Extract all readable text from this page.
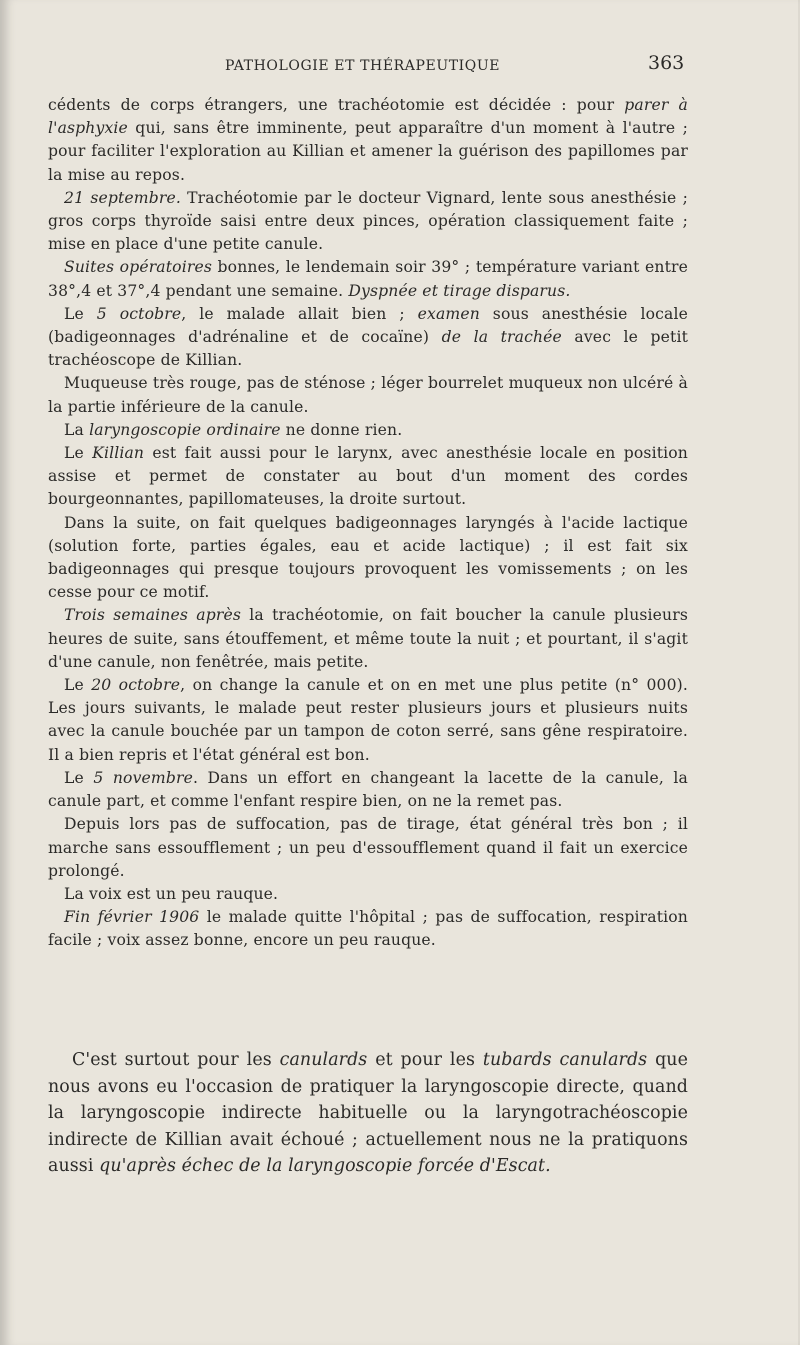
PATHOLOGIE ET THÉRAPEUTIQUE	363

cédents de corps étrangers, une trachéotomie est décidée : pour parer à l'asphyxie qui, sans être imminente, peut apparaître d'un moment à l'autre ; pour faciliter l'exploration au Killian et amener la guérison des papillomes par la mise au repos.

21 septembre. Trachéotomie par le docteur Vignard, lente sous anesthésie ; gros corps thyroïde saisi entre deux pinces, opération classiquement faite ; mise en place d'une petite canule.

Suites opératoires bonnes, le lendemain soir 39° ; température variant entre 38°,4 et 37°,4 pendant une semaine. Dyspnée et tirage disparus.

Le 5 octobre, le malade allait bien ; examen sous anesthésie locale (badigeonnages d'adrénaline et de cocaïne) de la trachée avec le petit trachéoscope de Killian.

Muqueuse très rouge, pas de sténose ; léger bourrelet muqueux non ulcéré à la partie inférieure de la canule.

La laryngoscopie ordinaire ne donne rien.

Le Killian est fait aussi pour le larynx, avec anesthésie locale en position assise et permet de constater au bout d'un moment des cordes bourgeonnantes, papillomateuses, la droite surtout.

Dans la suite, on fait quelques badigeonnages laryngés à l'acide lactique (solution forte, parties égales, eau et acide lactique) ; il est fait six badigeonnages qui presque toujours provoquent les vomissements ; on les cesse pour ce motif.

Trois semaines après la trachéotomie, on fait boucher la canule plusieurs heures de suite, sans étouffement, et même toute la nuit ; et pourtant, il s'agit d'une canule, non fenêtrée, mais petite.

Le 20 octobre, on change la canule et on en met une plus petite (n° 000). Les jours suivants, le malade peut rester plusieurs jours et plusieurs nuits avec la canule bouchée par un tampon de coton serré, sans gêne respiratoire. Il a bien repris et l'état général est bon.

Le 5 novembre. Dans un effort en changeant la lacette de la canule, la canule part, et comme l'enfant respire bien, on ne la remet pas.

Depuis lors pas de suffocation, pas de tirage, état général très bon ; il marche sans essoufflement ; un peu d'essoufflement quand il fait un exercice prolongé.

La voix est un peu rauque.

Fin février 1906 le malade quitte l'hôpital ; pas de suffocation, respiration facile ; voix assez bonne, encore un peu rauque.

C'est surtout pour les canulards et pour les tubards canulards que nous avons eu l'occasion de pratiquer la laryngoscopie directe, quand la laryngoscopie indirecte habituelle ou la laryngotrachéoscopie indirecte de Killian avait échoué ; actuellement nous ne la pratiquons aussi qu'après échec de la laryngoscopie forcée d'Escat.
